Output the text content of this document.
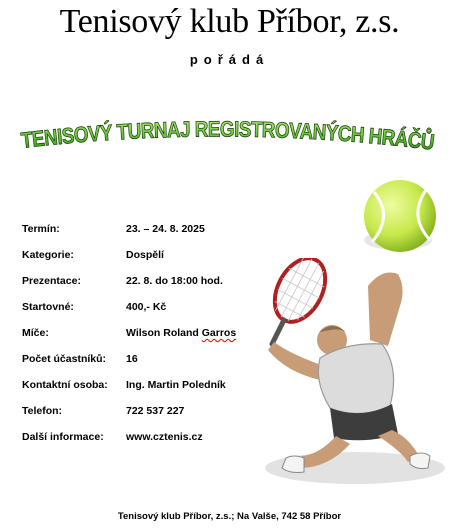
Tenisový klub Příbor, z.s.
pořádá
TENISOVÝ TURNAJ REGISTROVANÝCH HRÁČŮ
Termín:	23. – 24. 8. 2025
Kategorie:	Dospělí
Prezentace:	22. 8. do 18:00 hod.
Startovné:	400,- Kč
Míče:	Wilson Roland Garros
Počet účastníků: 16
Kontaktní osoba: Ing. Martin Poledník
Telefon:	722 537 227
Další informace: www.cztenis.cz
Tenisový klub Příbor, z.s.; Na Valše, 742 58 Příbor
